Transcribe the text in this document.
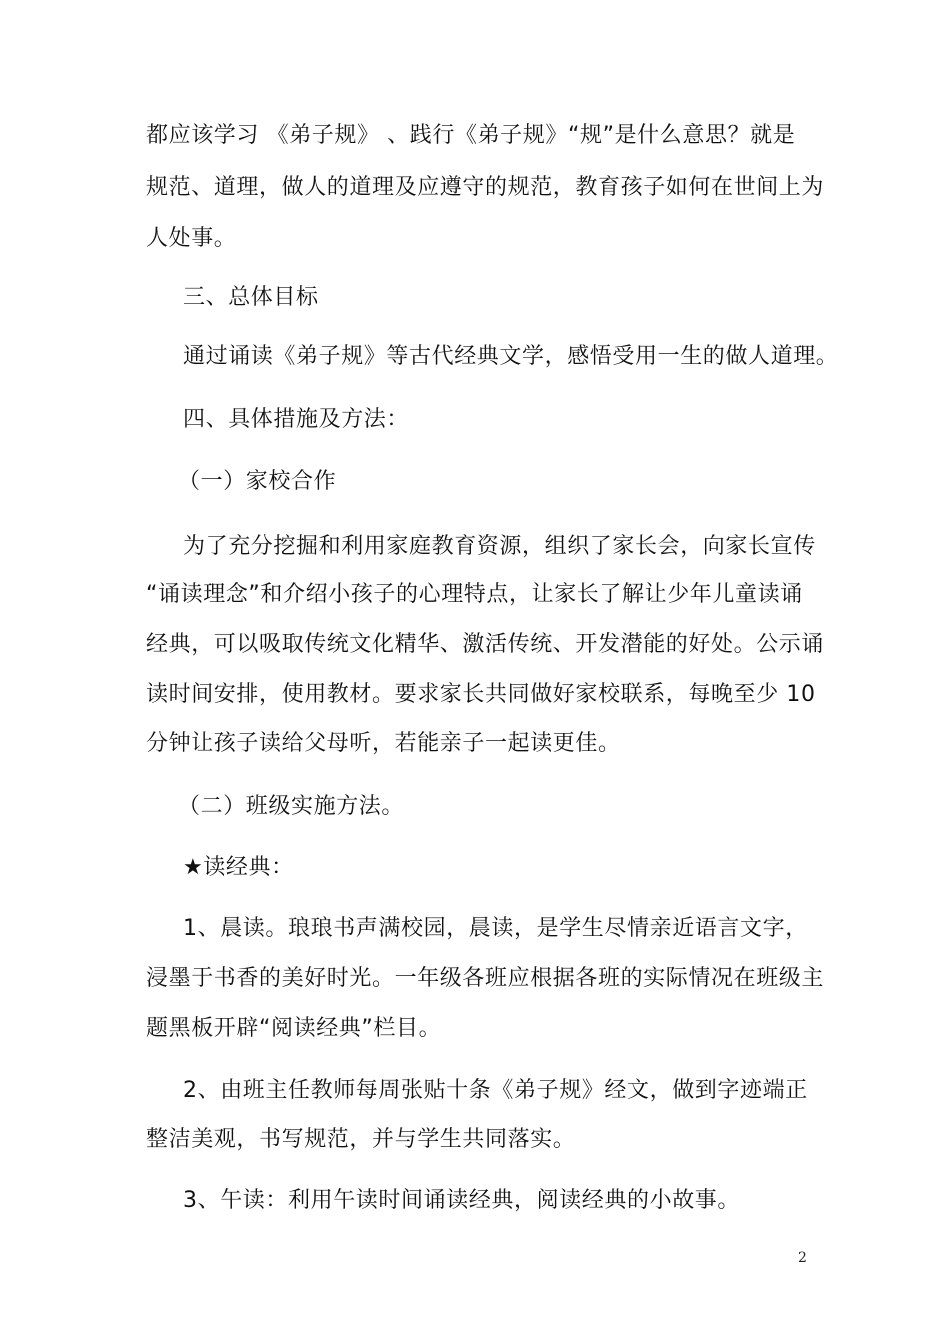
都应该学习 《弟子规》 、践行《弟子规》“规”是什么意思？就是
规范、道理，做人的道理及应遵守的规范，教育孩子如何在世间上为
人处事。
三、总体目标
通过诵读《弟子规》等古代经典文学，感悟受用一生的做人道理。
四、具体措施及方法：
（一）家校合作
为了充分挖掘和利用家庭教育资源，组织了家长会，向家长宣传
“诵读理念”和介绍小孩子的心理特点，让家长了解让少年儿童读诵
经典，可以吸取传统文化精华、激活传统、开发潜能的好处。公示诵
读时间安排，使用教材。要求家长共同做好家校联系，每晚至少 10
分钟让孩子读给父母听，若能亲子一起读更佳。
（二）班级实施方法。
★读经典：
1、晨读。琅琅书声满校园，晨读，是学生尽情亲近语言文字，
浸墨于书香的美好时光。一年级各班应根据各班的实际情况在班级主
题黑板开辟“阅读经典”栏目。
2、由班主任教师每周张贴十条《弟子规》经文，做到字迹端正
整洁美观，书写规范，并与学生共同落实。
3、午读：利用午读时间诵读经典，阅读经典的小故事。
2
